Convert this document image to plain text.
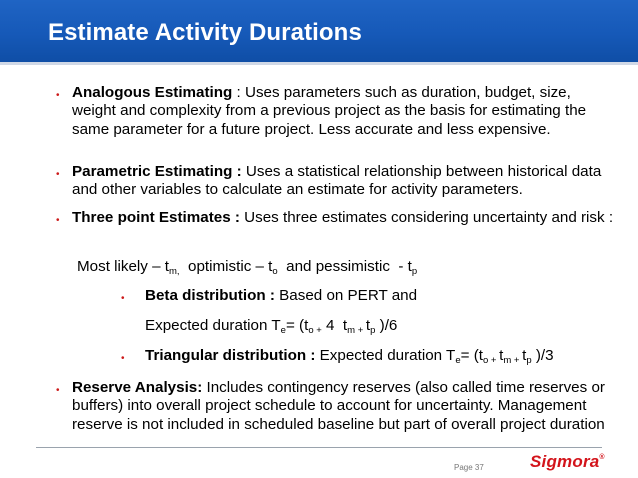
Estimate Activity Durations
• Analogous Estimating : Uses parameters such as duration, budget, size, weight and complexity from a previous project as the basis for estimating the same parameter for a future project. Less accurate and less expensive.
• Parametric Estimating : Uses a statistical relationship between historical data and other variables to calculate an estimate for activity parameters.
• Three point Estimates : Uses three estimates considering uncertainty and risk :
Most likely – $t_{m,}$  optimistic – $t_o$  and pessimistic  - $t_p$
• Beta distribution : Based on PERT and
Expected duration $T_e= (t_{o +}$ 4  $t_{m +}$ $t_p$ )/6
• Triangular distribution : Expected duration $T_e= (t_{o +}$ $t_{m +}$ $t_p$ )/3
• Reserve Analysis: Includes contingency reserves (also called time reserves or buffers) into overall project schedule to account for uncertainty. Management reserve is not included in scheduled baseline but part of overall project duration
Page 37	Sigmora®
